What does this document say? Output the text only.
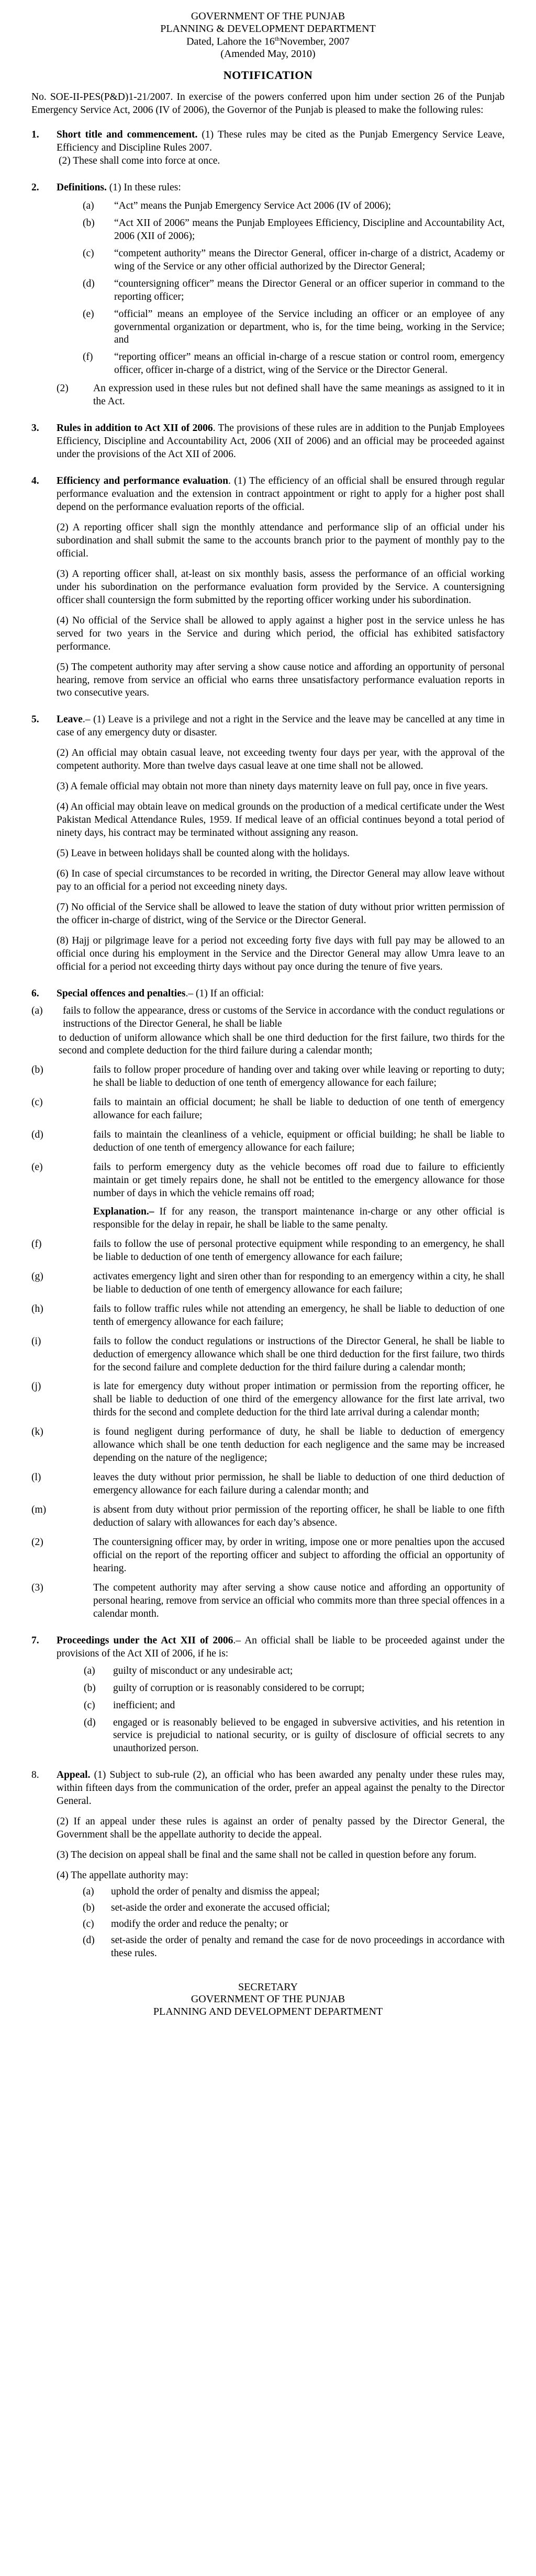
GOVERNMENT OF THE PUNJAB
PLANNING & DEVELOPMENT DEPARTMENT
Dated, Lahore the 16thNovember, 2007
(Amended May, 2010)
NOTIFICATION

No. SOE-II-PES(P&D)1-21/2007. In exercise of the powers conferred upon him under section 26 of the Punjab Emergency Service Act, 2006 (IV of 2006), the Governor of the Punjab is pleased to make the following rules:

1.	Short title and commencement. (1) These rules may be cited as the Punjab Emergency Service Leave, Efficiency and Discipline Rules 2007.

(2) These shall come into force at once.

2.	Definitions. (1) In these rules:

(a)	“Act” means the Punjab Emergency Service Act 2006 (IV of 2006);
(b)	“Act XII of 2006” means the Punjab Employees Efficiency, Discipline and Accountability Act, 2006 (XII of 2006);
(c)	“competent authority” means the Director General, officer in-charge of a district, Academy or wing of the Service or any other official authorized by the Director General;
(d)	“countersigning officer” means the Director General or an officer superior in command to the reporting officer;
(e)	“official” means an employee of the Service including an officer or an employee of any governmental organization or department, who is, for the time being, working in the Service; and
(f)	“reporting officer” means an official in-charge of a rescue station or control room, emergency officer, officer in-charge of a district, wing of the Service or the Director General.
(2)	An expression used in these rules but not defined shall have the same meanings as assigned to it in the Act.
3.	Rules in addition to Act XII of 2006. The provisions of these rules are in addition to the Punjab Employees Efficiency, Discipline and Accountability Act, 2006 (XII of 2006) and an official may be proceeded against under the provisions of the Act XII of 2006.

4.	Efficiency and performance evaluation. (1) The efficiency of an official shall be ensured through regular performance evaluation and the extension in contract appointment or right to apply for a higher post shall depend on the performance evaluation reports of the official.

(2) A reporting officer shall sign the monthly attendance and performance slip of an official under his subordination and shall submit the same to the accounts branch prior to the payment of monthly pay to the official.

(3) A reporting officer shall, at-least on six monthly basis, assess the performance of an official working under his subordination on the performance evaluation form provided by the Service. A countersigning officer shall countersign the form submitted by the reporting officer working under his subordination.

(4) No official of the Service shall be allowed to apply against a higher post in the service unless he has served for two years in the Service and during which period, the official has exhibited satisfactory performance.

(5) The competent authority may after serving a show cause notice and affording an opportunity of personal hearing, remove from service an official who earns three unsatisfactory performance evaluation reports in two consecutive years.

5.	Leave.– (1) Leave is a privilege and not a right in the Service and the leave may be cancelled at any time in case of any emergency duty or disaster.

(2) An official may obtain casual leave, not exceeding twenty four days per year, with the approval of the competent authority. More than twelve days casual leave at one time shall not be allowed.

(3) A female official may obtain not more than ninety days maternity leave on full pay, once in five years.

(4) An official may obtain leave on medical grounds on the production of a medical certificate under the West Pakistan Medical Attendance Rules, 1959. If medical leave of an official continues beyond a total period of ninety days, his contract may be terminated without assigning any reason.

(5) Leave in between holidays shall be counted along with the holidays.

(6) In case of special circumstances to be recorded in writing, the Director General may allow leave without pay to an official for a period not exceeding ninety days.

(7) No official of the Service shall be allowed to leave the station of duty without prior written permission of the officer in-charge of district, wing of the Service or the Director General.

(8) Hajj or pilgrimage leave for a period not exceeding forty five days with full pay may be allowed to an official once during his employment in the Service and the Director General may allow Umra leave to an official for a period not exceeding thirty days without pay once during the tenure of five years.

6.	Special offences and penalties.– (1) If an official:

(a)	fails to follow the appearance, dress or customs of the Service in accordance with the conduct regulations or instructions of the Director General, he shall be liable

to deduction of uniform allowance which shall be one third deduction for the first failure, two thirds for the second and complete deduction for the third failure during a calendar month;

(b)	fails to follow proper procedure of handing over and taking over while leaving or reporting to duty; he shall be liable to deduction of one tenth of emergency allowance for each failure;
(c)	fails to maintain an official document; he shall be liable to deduction of one tenth of emergency allowance for each failure;
(d)	fails to maintain the cleanliness of a vehicle, equipment or official building; he shall be liable to deduction of one tenth of emergency allowance for each failure;
(e)	fails to perform emergency duty as the vehicle becomes off road due to failure to efficiently maintain or get timely repairs done, he shall not be entitled to the emergency allowance for those number of days in which the vehicle remains off road;

Explanation.– If for any reason, the transport maintenance in-charge or any other official is responsible for the delay in repair, he shall be liable to the same penalty.

(f)	fails to follow the use of personal protective equipment while responding to an emergency, he shall be liable to deduction of one tenth of emergency allowance for each failure;
(g)	activates emergency light and siren other than for responding to an emergency within a city, he shall be liable to deduction of one tenth of emergency allowance for each failure;
(h)	fails to follow traffic rules while not attending an emergency, he shall be liable to deduction of one tenth of emergency allowance for each failure;
(i)	fails to follow the conduct regulations or instructions of the Director General, he shall be liable to deduction of emergency allowance which shall be one third deduction for the first failure, two thirds for the second failure and complete deduction for the third failure during a calendar month;
(j)	is late for emergency duty without proper intimation or permission from the reporting officer, he shall be liable to deduction of one third of the emergency allowance for the first late arrival, two thirds for the second and complete deduction for the third late arrival during a calendar month;
(k)	is found negligent during performance of duty, he shall be liable to deduction of emergency allowance which shall be one tenth deduction for each negligence and the same may be increased depending on the nature of the negligence;
(l)	leaves the duty without prior permission, he shall be liable to deduction of one third deduction of emergency allowance for each failure during a calendar month; and
(m)	is absent from duty without prior permission of the reporting officer, he shall be liable to one fifth deduction of salary with allowances for each day’s absence.
(2)	The countersigning officer may, by order in writing, impose one or more penalties upon the accused official on the report of the reporting officer and subject to affording the official an opportunity of hearing.
(3)	The competent authority may after serving a show cause notice and affording an opportunity of personal hearing, remove from service an official who commits more than three special offences in a calendar month.
7.	Proceedings under the Act XII of 2006.– An official shall be liable to be proceeded against under the provisions of the Act XII of 2006, if he is:

(a)	guilty of misconduct or any undesirable act;
(b)	guilty of corruption or is reasonably considered to be corrupt;
(c)	inefficient; and
(d)	engaged or is reasonably believed to be engaged in subversive activities, and his retention in service is prejudicial to national security, or is guilty of disclosure of official secrets to any unauthorized person.
8.	Appeal. (1) Subject to sub-rule (2), an official who has been awarded any penalty under these rules may, within fifteen days from the communication of the order, prefer an appeal against the penalty to the Director General.

(2) If an appeal under these rules is against an order of penalty passed by the Director General, the Government shall be the appellate authority to decide the appeal.

(3) The decision on appeal shall be final and the same shall not be called in question before any forum.

(4) The appellate authority may:

(a)	uphold the order of penalty and dismiss the appeal;
(b)	set-aside the order and exonerate the accused official;
(c)	modify the order and reduce the penalty; or
(d)	set-aside the order of penalty and remand the case for de novo proceedings in accordance with these rules.
SECRETARY
GOVERNMENT OF THE PUNJAB
PLANNING AND DEVELOPMENT DEPARTMENT
